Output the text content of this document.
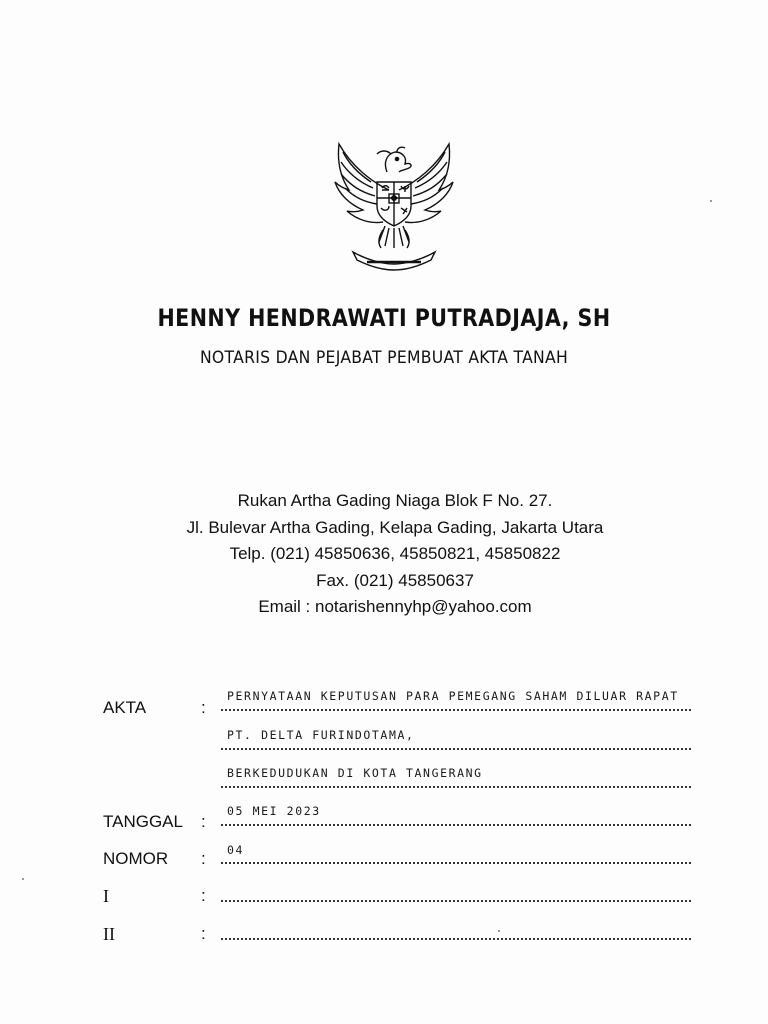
HENNY HENDRAWATI PUTRADJAJA, SH
NOTARIS DAN PEJABAT PEMBUAT AKTA TANAH
Rukan Artha Gading Niaga Blok F No. 27.
Jl. Bulevar Artha Gading, Kelapa Gading, Jakarta Utara
Telp. (021) 45850636, 45850821, 45850822
Fax. (021) 45850637
Email : notarishennyhp@yahoo.com
AKTA	:
PERNYATAAN KEPUTUSAN PARA PEMEGANG SAHAM DILUAR RAPAT
PT. DELTA FURINDOTAMA,
BERKEDUDUKAN DI KOTA TANGERANG
TANGGAL :
05 MEI 2023
NOMOR : 04
I	:
II	:
